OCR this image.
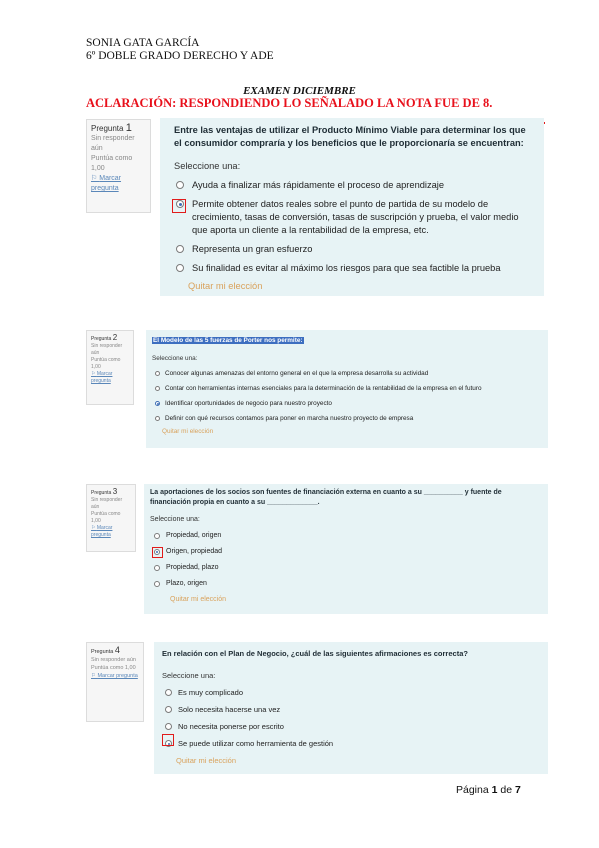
SONIA GATA GARCÍA
6º DOBLE GRADO DERECHO Y ADE
EXAMEN DICIEMBRE
ACLARACIÓN: RESPONDIENDO LO SEÑALADO LA NOTA FUE DE 8.
Pregunta 1
Sin responder aún
Puntúa como 1,00
⚐ Marcar pregunta
Entre las ventajas de utilizar el Producto Mínimo Viable para determinar los que el consumidor compraría y los beneficios que le proporcionaría se encuentran:
Seleccione una:
Ayuda a finalizar más rápidamente el proceso de aprendizaje
Permite obtener datos reales sobre el punto de partida de su modelo de crecimiento, tasas de conversión, tasas de suscripción y prueba, el valor medio que aporta un cliente a la rentabilidad de la empresa, etc.
Representa un gran esfuerzo
Su finalidad es evitar al máximo los riesgos para que sea factible la prueba
Quitar mi elección
Pregunta 2
Sin responder aún
Puntúa como 1,00
⚐ Marcar pregunta
El Modelo de las 5 fuerzas de Porter nos permite:
Seleccione una:
Conocer algunas amenazas del entorno general en el que la empresa desarrolla su actividad
Contar con herramientas internas esenciales para la determinación de la rentabilidad de la empresa en el futuro
Identificar oportunidades de negocio para nuestro proyecto
Definir con qué recursos contamos para poner en marcha nuestro proyecto de empresa
Quitar mi elección
Pregunta 3
Sin responder aún
Puntúa como 1,00
⚐ Marcar pregunta
La aportaciones de los socios son fuentes de financiación externa en cuanto a su __________ y fuente de financiación propia en cuanto a su _____________.
Seleccione una:
Propiedad, origen
Origen, propiedad
Propiedad, plazo
Plazo, origen
Quitar mi elección
Pregunta 4
Sin responder aún
Puntúa como 1,00
⚐ Marcar pregunta
En relación con el Plan de Negocio, ¿cuál de las siguientes afirmaciones es correcta?
Seleccione una:
Es muy complicado
Solo necesita hacerse una vez
No necesita ponerse por escrito
Se puede utilizar como herramienta de gestión
Quitar mi elección
Página 1 de 7
